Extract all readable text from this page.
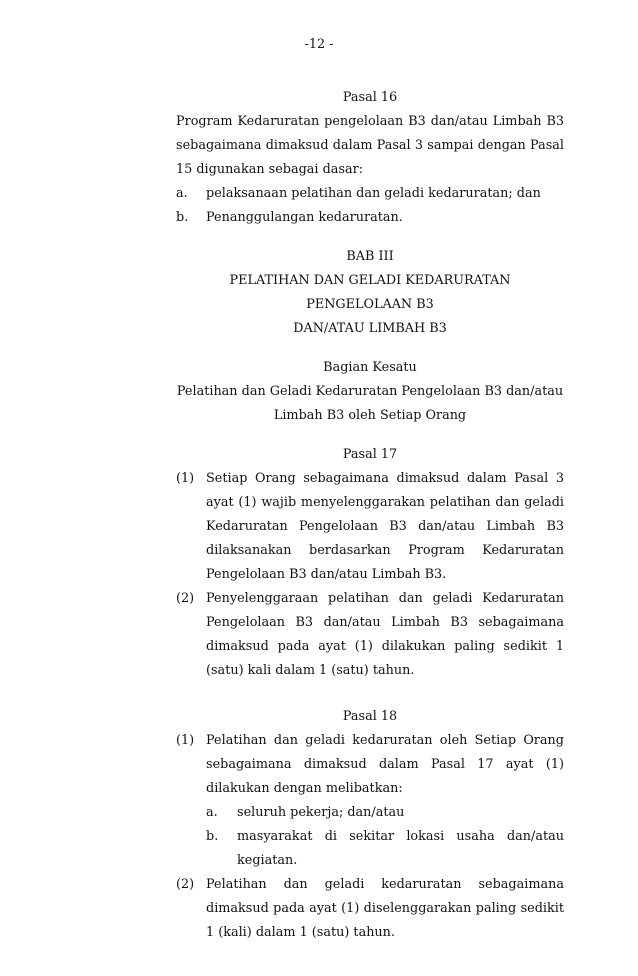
-12 -
Pasal 16
Program Kedaruratan pengelolaan B3 dan/atau Limbah B3 sebagaimana dimaksud dalam Pasal 3 sampai dengan Pasal 15 digunakan sebagai dasar:
a.	pelaksanaan pelatihan dan geladi kedaruratan; dan
b.	Penanggulangan kedaruratan.
BAB III
PELATIHAN DAN GELADI KEDARURATAN PENGELOLAAN B3
DAN/ATAU LIMBAH B3
Bagian Kesatu
Pelatihan dan Geladi Kedaruratan Pengelolaan B3 dan/atau
Limbah B3 oleh Setiap Orang
Pasal 17
(1) Setiap Orang sebagaimana dimaksud dalam Pasal 3 ayat (1) wajib menyelenggarakan pelatihan dan geladi Kedaruratan Pengelolaan B3 dan/atau Limbah B3 dilaksanakan berdasarkan Program Kedaruratan Pengelolaan B3 dan/atau Limbah B3.
(2) Penyelenggaraan pelatihan dan geladi Kedaruratan Pengelolaan B3 dan/atau Limbah B3 sebagaimana dimaksud pada ayat (1) dilakukan paling sedikit 1 (satu) kali dalam 1 (satu) tahun.
Pasal 18
(1) Pelatihan dan geladi kedaruratan oleh Setiap Orang sebagaimana dimaksud dalam Pasal 17 ayat (1) dilakukan dengan melibatkan:
a.	seluruh pekerja; dan/atau
b.	masyarakat di sekitar lokasi usaha dan/atau kegiatan.
(2) Pelatihan dan geladi kedaruratan sebagaimana dimaksud pada ayat (1) diselenggarakan paling sedikit 1 (kali) dalam 1 (satu) tahun.
